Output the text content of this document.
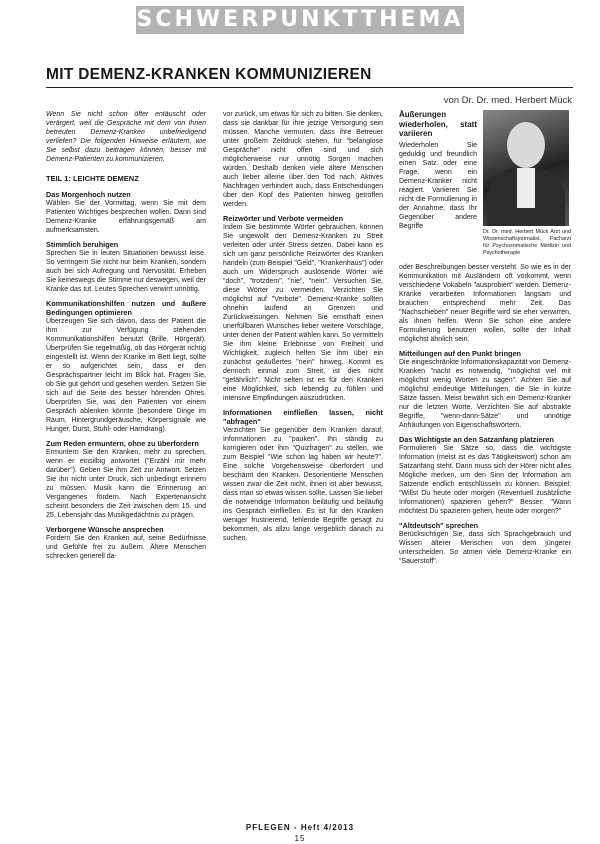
SCHWERPUNKTTHEMA
MIT DEMENZ-KRANKEN KOMMUNIZIEREN
von Dr. Dr. med. Herbert Mück

Wenn Sie nicht schon öfter entäuscht oder verärgert, weil die Gespräche mit dem von Ihnen betreuten Demenz-Kranken unbefriedigend verliefen? Die folgenden Hinweise erläutern, wie Sie selbst dazu beitragen können, besser mit Demenz-Patienten zu kommunizieren.

TEIL 1: LEICHTE DEMENZ
Das Morgenhoch nutzen

Wählen Sie der Vormittag, wenn Sie mit dem Patienten Wichtiges besprechen wollen. Dann sind Demenz-Kranke erfahrungsgemäß am aufmerksamsten.

Stimmlich beruhigen

Sprechen Sie in leuten Situationen bewusst leise. So verringern Sie nicht nur beim Kranken, sondern auch bei sich Aufregung und Nervosität. Erheben Sie keineswegs die Stimme nur deswegen, weil der Kranke das tut. Leutes Sprechen verwirrt unnötig.

Kommunikationshilfen nutzen und äußere Bedingungen optimieren

Überzeugen Sie sich davon, dass der Patient die ihm zur Verfügung stehenden Kommunikationshilfen benutzt (Brille, Hörgerät). Überprüfen Sie regelmäßig, ob das Hörgerät richtig eingestellt ist. Wenn der Kranke im Bett liegt, sollte er so aufgerichtet sein, dass er den Gesprächspartner leicht im Blick hat. Fragen Sie, ob Sie gut gehört und gesehen werden. Setzen Sie sich auf die Seite des besser hörenden Ohres. Überprüfen Sie, was den Patienten vor einem Gespräch ablenken könnte (besondere Dinge im Raum, Hintergrundgeräusche, Körpersignale wie Hunger, Durst, Stuhl- oder Harndrang).

Zum Reden ermuntern, ohne zu überfordern

Ermuntern Sie den Kranken, mehr zu sprechen, wenn er einsilbig antwortet ("Erzähl mir mehr darüber"). Geben Sie ihm Zeit zur Antwort. Setzen Sie ihn nicht unter Druck, sich unbedingt erinnern zu müssen. Musik kann die Erinnerung an Vergangenes fördern. Nach Expertenansicht scheint besonders die Zeit zwischen dem 15. und 25. Lebensjahr das Musikgedächtnis zu prägen.

Verborgene Wünsche ansprechen

Fordern Sie den Kranken auf, seine Bedürfnisse und Gefühle frei zu äußern. Ältere Menschen schrecken generell da-

vor zurück, um etwas für sich zu bitten. Sie denken, dass sie dankbar für ihre jetzige Versorgung sein müssen. Manche vermuten, dass ihre Betreuer unter großem Zeitdruck stehen, für "belanglose Gespräche" nicht offen sind und sich möglicherweise nur unnötig Sorgen machen würden. Deshalb denken viele ältere Menschen auch lieber alleine über den Tod nach. Aktives Nachfragen verhindert auch, dass Entscheidungen über den Kopf des Patienten hinweg getroffen werden.

Reizwörter und Verbote vermeiden

Indem Sie bestimmte Wörter gebrauchen, können Sie ungewollt den Demenz-Kranken zu Streit verleiten oder unter Stress setzen. Dabei kann es sich um ganz persönliche Reizwörter des Kranken handeln (zum Beispiel "Geld", "Krankenhaus") oder auch um Widerspruch auslösende Wörter wie "doch", "trotzdem", "nie", "nein". Versuchen Sie, diese Wörter zu vermeiden. Verzichten Sie möglichst auf "Verbote". Demenz-Kranke sollten ohnehin laufend an Grenzen und Zurückweisungen. Nehmen Sie ernsthaft einen unerfüllbaren Wunsches lieber weitere Vorschläge, unter denen der Patient wählen kann. So vermitteln Sie ihm kleine Erlebnisse von Freiheit und Wichtigkeit, zugleich helfen Sie ihm über ein zunächst geäußertes "nein" hinweg. Kommt es dennoch einmal zum Streit, ist dies nicht "gefährlich". Nicht selten ist es für den Kranken eine Möglichkeit, sich lebendig zu fühlen und intensive Empfindungen auszudrücken.

Informationen einfließen lassen, nicht "abfragen"

Verzichten Sie gegenüber dem Kranken darauf, Informationen zu "pauken". Ihn ständig zu korrigieren oder ihm "Quizfragen" zu stellen, wie zum Beispiel "Wie schon lag haben wir heute?". Eine solche Vorgehensweise überfordert und beschämt den Kranken. Desorientierte Menschen wissen zwar die Zeit nicht, ihnen ist aber bewusst, dass man so etwas wissen sollte. Lassen Sie lieber die notwendige Information beiläufig und beiläufig ins Gespräch einfließen. Es ist für den Kranken weniger frustrierend, fehlende Begriffe gesagt zu bekommen, als allzu lange vergeblich danach zu suchen.

Äußerungen wiederholen, statt variieren

Wiederholen Sie geduldig und freundlich einen Satz oder eine Frage, wenn ein Demenz-Kranker nicht reagiert. Variieren Sie nicht die Formulierung in der Annahme, dass Ihr Gegenüber andere Begriffe

Dr. Dr. med. Herbert Mück Arzt und Wissenschaftsjournalist, Facharzt für Psychosomatische Medizin und Psychotherapie

oder Beschreibungen besser versteht. So wie es in der Kommunikation mit Ausländern oft vorkommt, wenn verschiedene Vokabeln "ausprobiert" werden. Demenz-Kranke verarbeiten Informationen langsam und brauchen entsprechend mehr Zeit. Das "Nachschieben" neuer Begriffe wird sie eher verwirren, als ihnen helfen. Wenn Sie schon eine andere Formulierung benutzen wollen, sollte der Inhalt möglichst ähnlich sein.

Mitteilungen auf den Punkt bringen

Die eingeschränkte Informationskapazität von Demenz-Kranken "nacht es notwendig, "möglichst viel mit möglichst wenig Worten zu sagen". Achten Sie auf möglichst eindeutige Mitteilungen, die Sie in kurze Sätze fassen. Meist bewährt sich ein Demenz-Kranker nur die letzten Worte. Verzichten Sie auf abstrakte Begriffe, "wenn-dann-Sätze" und unnötige Anhäufungen von Eigenschaftswörtern.

Das Wichtigste an den Satzanfang platzieren

Formulieren Sie Sätze so, dass die wichtigste Information (meist ist es das Tätigkeitswort) schon am Satzanfang steht. Dann muss sich der Hörer nicht alles Mögliche merken, um den Sinn der Information am Satzende endlich entschlüsseln zu können. Beispiel: "Willst Du heute oder morgen (Reventuell zusätzliche Informationen) spazieren gehen?" Besser: "Wann möchtest Du spazieren gehen, heute oder morgen?"

"Altdeutsch" sprechen

Berücksichtigen Sie, dass sich Sprachgebrauch und Wissen älterer Menschen von dem jüngerer unterscheiden. So atmen viele Demenz-Kranke ein "Sauerstoff".

PFLEGEN - Heft 4/2013
15
